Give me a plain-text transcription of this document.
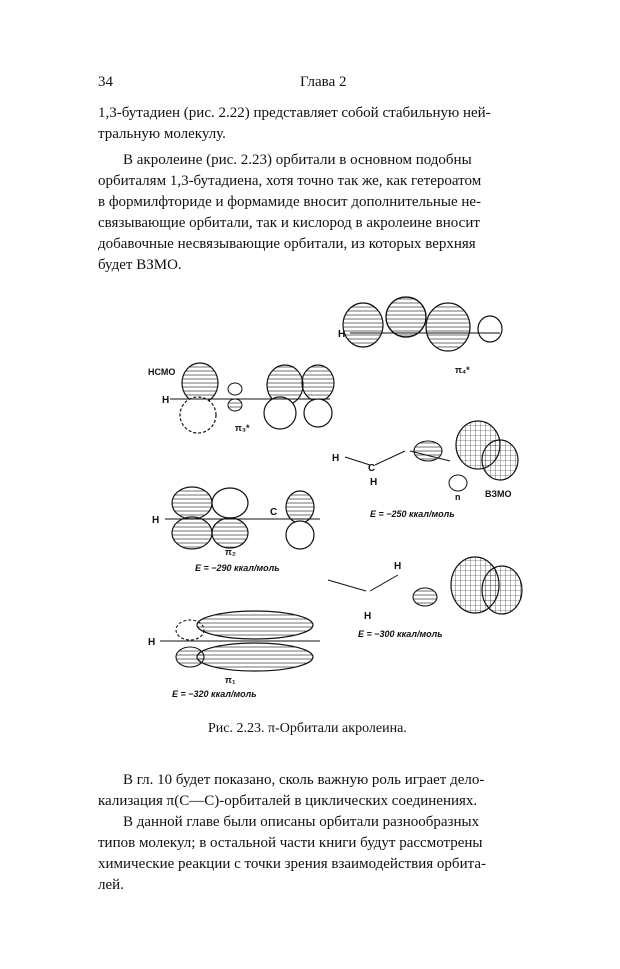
34	Глава 2

1,3-бутадиен (рис. 2.22) представляет собой стабильную ней-

тральную молекулу.

В акролеине (рис. 2.23) орбитали в основном подобны

орбиталям 1,3-бутадиена, хотя точно так же, как гетероатом

в формилфториде и формамиде вносит дополнительные не-

связывающие орбитали, так и кислород в акролеине вносит

добавочные несвязывающие орбитали, из которых верхняя

будет ВЗМО.

H
π₄*
НСМО
H
π₃*
H
C
H
n	ВЗМО
E = −250 ккал/моль
H
C
π₂
E = −290 ккал/моль	H
H
E = −300 ккал/моль
H
π₁
E = −320 ккал/моль
Рис. 2.23. π-Орбитали акролеина.

В гл. 10 будет показано, сколь важную роль играет делo-

кализация π(С—С)-орбиталей в циклических соединениях.

В данной главе были описаны орбитали разнообразных

типов молекул; в остальной части книги будут рассмотрены

химические реакции с точки зрения взаимодействия орбита-

лей.
